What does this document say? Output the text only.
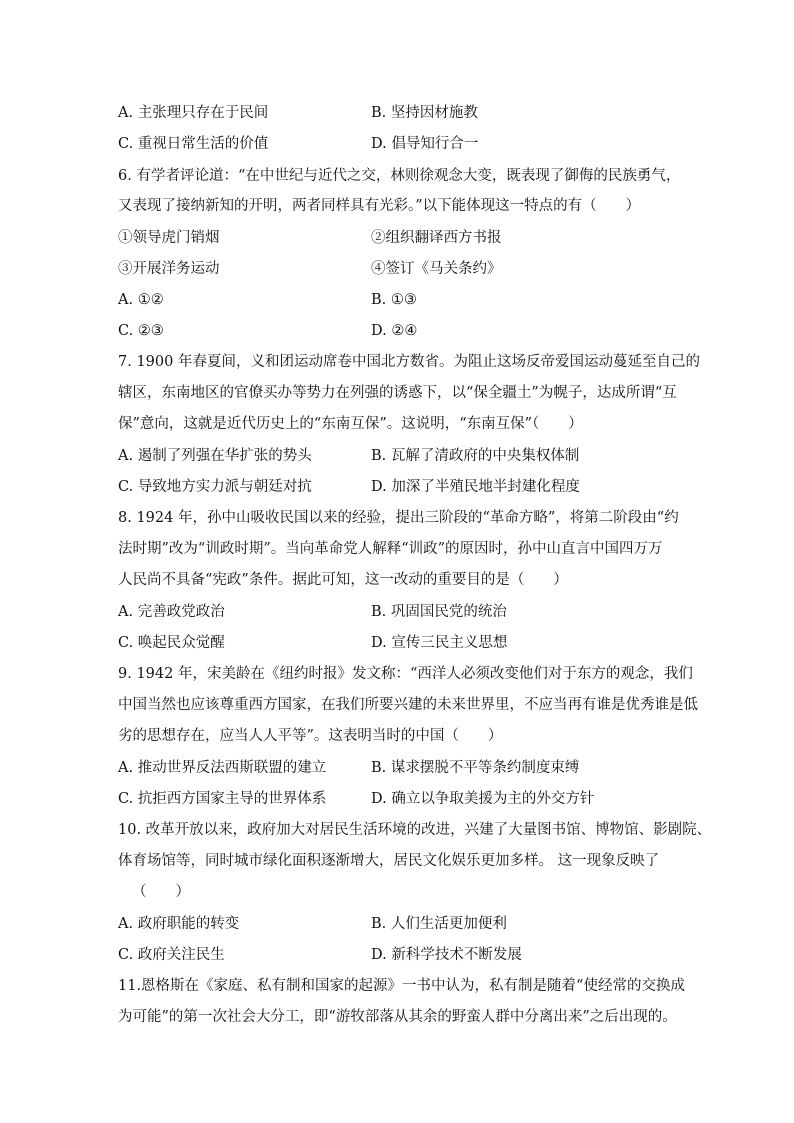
A. 主张理只存在于民间	B. 坚持因材施教
C. 重视日常生活的价值	D. 倡导知行合一
6. 有学者评论道：“在中世纪与近代之交，林则徐观念大变，既表现了御侮的民族勇气，
又表现了接纳新知的开明，两者同样具有光彩。”以下能体现这一特点的有（　　）
①领导虎门销烟	②组织翻译西方书报
③开展洋务运动	④签订《马关条约》
A. ①②	B. ①③
C. ②③	D. ②④
7. 1900 年春夏间，义和团运动席卷中国北方数省。为阻止这场反帝爱国运动蔓延至自己的
辖区，东南地区的官僚买办等势力在列强的诱惑下，以“保全疆土”为幌子，达成所谓“互
保”意向，这就是近代历史上的“东南互保”。这说明，“东南互保”（　　）
A. 遏制了列强在华扩张的势头	B. 瓦解了清政府的中央集权体制
C. 导致地方实力派与朝廷对抗	D. 加深了半殖民地半封建化程度
8. 1924 年，孙中山吸收民国以来的经验，提出三阶段的“革命方略”，将第二阶段由“约
法时期”改为“训政时期”。当向革命党人解释“训政”的原因时，孙中山直言中国四万万
人民尚不具备“宪政”条件。据此可知，这一改动的重要目的是（　　）
A. 完善政党政治	B. 巩固国民党的统治
C. 唤起民众觉醒	D. 宣传三民主义思想
9. 1942 年，宋美龄在《纽约时报》发文称：“西洋人必须改变他们对于东方的观念，我们
中国当然也应该尊重西方国家，在我们所要兴建的未来世界里，不应当再有谁是优秀谁是低
劣的思想存在，应当人人平等”。这表明当时的中国（　　）
A. 推动世界反法西斯联盟的建立	B. 谋求摆脱不平等条约制度束缚
C. 抗拒西方国家主导的世界体系	D. 确立以争取美援为主的外交方针
10. 改革开放以来，政府加大对居民生活环境的改进，兴建了大量图书馆、博物馆、影剧院、
体育场馆等，同时城市绿化面积逐渐增大，居民文化娱乐更加多样。 这一现象反映了
（　　）
A. 政府职能的转变	B. 人们生活更加便利
C. 政府关注民生	D. 新科学技术不断发展
11.恩格斯在《家庭、私有制和国家的起源》一书中认为，私有制是随着“使经常的交换成
为可能”的第一次社会大分工，即“游牧部落从其余的野蛮人群中分离出来”之后出现的。
